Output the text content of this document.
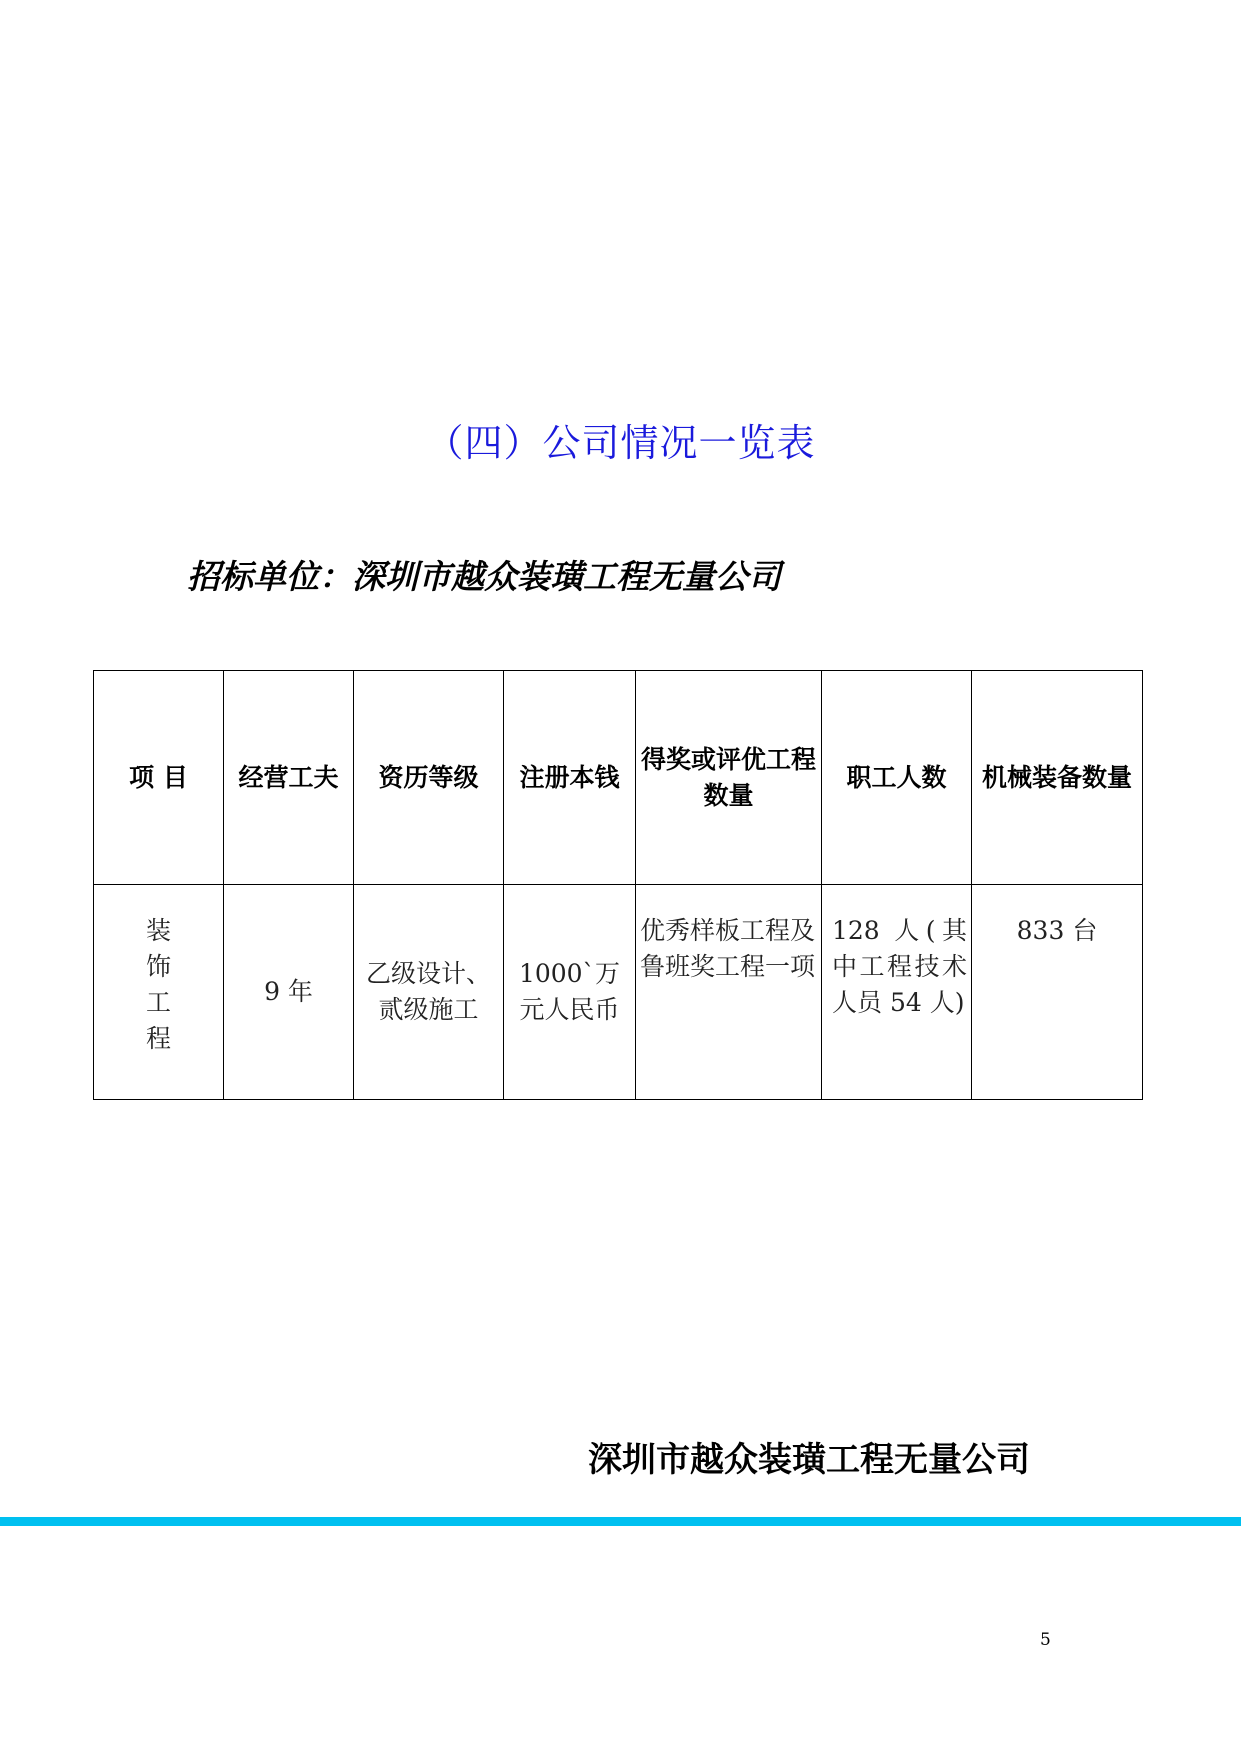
（四）公司情况一览表
招标单位：深圳市越众装璜工程无量公司
项 目	经营工夫	资历等级	注册本钱	得奖或评优工程数量	职工人数	机械装备数量
装饰工程	9 年	乙级设计、贰级施工	1000`万元人民币	优秀样板工程及鲁班奖工程一项	128 人(其中工程技术人员 54 人)	833 台
深圳市越众装璜工程无量公司
5
